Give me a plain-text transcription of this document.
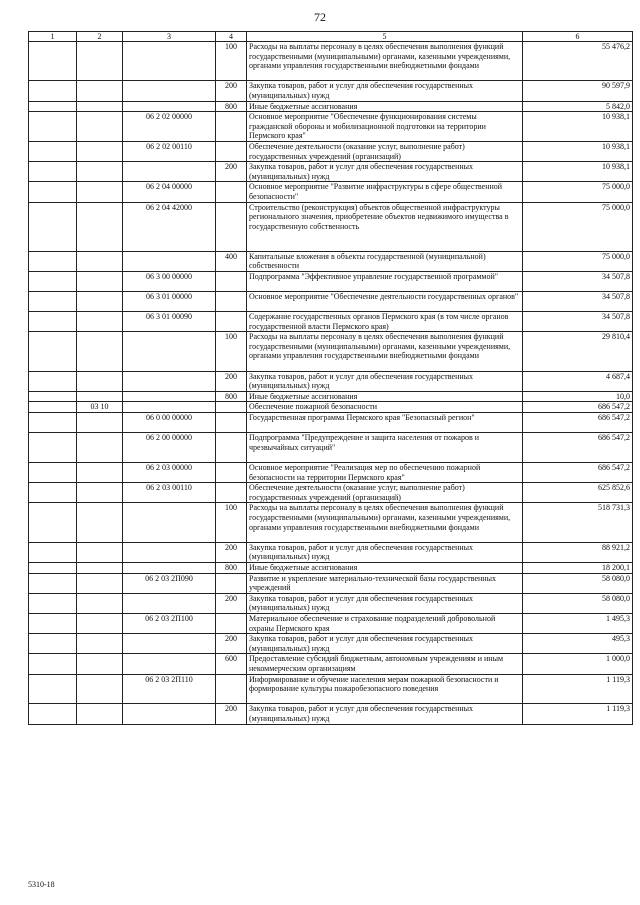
72
1	2	3	4	5	6
			100	Расходы на выплаты персоналу в целях обеспечения выполнения функций государственными (муниципальными) органами, казенными учреждениями, органами управления государственными внебюджетными фондами	55 476,2
			200	Закупка товаров, работ и услуг для обеспечения государственных (муниципальных) нужд	90 597,9
			800	Иные бюджетные ассигнования	5 842,0
		06 2 02 00000		Основное мероприятие "Обеспечение функционирования системы гражданской обороны и мобилизационной подготовки на территории Пермского края"	10 938,1
		06 2 02 00110		Обеспечение деятельности (оказание услуг, выполнение работ) государственных учреждений (организаций)	10 938,1
			200	Закупка товаров, работ и услуг для обеспечения государственных (муниципальных) нужд	10 938,1
		06 2 04 00000		Основное мероприятие "Развитие инфраструктуры в сфере общественной безопасности"	75 000,0
		06 2 04 42000		Строительство (реконструкция) объектов общественной инфраструктуры регионального значения, приобретение объектов недвижимого имущества в государственную собственность	75 000,0
			400	Капитальные вложения в объекты государственной (муниципальной) собственности	75 000,0
		06 3 00 00000		Подпрограмма "Эффективное управление государственной программой"	34 507,8
		06 3 01 00000		Основное мероприятие "Обеспечение деятельности государственных органов"	34 507,8
		06 3 01 00090		Содержание государственных органов Пермского края (в том числе органов государственной власти Пермского края)	34 507,8
			100	Расходы на выплаты персоналу в целях обеспечения выполнения функций государственными (муниципальными) органами, казенными учреждениями, органами управления государственными внебюджетными фондами	29 810,4
			200	Закупка товаров, работ и услуг для обеспечения государственных (муниципальных) нужд	4 687,4
			800	Иные бюджетные ассигнования	10,0
	03 10			Обеспечение пожарной безопасности	686 547,2
		06 0 00 00000		Государственная программа Пермского края "Безопасный регион"	686 547,2
		06 2 00 00000		Подпрограмма "Предупреждение и защита населения от пожаров и чрезвычайных ситуаций"	686 547,2
		06 2 03 00000		Основное мероприятие "Реализация мер по обеспечению пожарной безопасности на территории Пермского края"	686 547,2
		06 2 03 00110		Обеспечение деятельности (оказание услуг, выполнение работ) государственных учреждений (организаций)	625 852,6
			100	Расходы на выплаты персоналу в целях обеспечения выполнения функций государственными (муниципальными) органами, казенными учреждениями, органами управления государственными внебюджетными фондами	518 731,3
			200	Закупка товаров, работ и услуг для обеспечения государственных (муниципальных) нужд	88 921,2
			800	Иные бюджетные ассигнования	18 200,1
		06 2 03 2П090		Развитие и укрепление материально-технической базы государственных учреждений	58 080,0
			200	Закупка товаров, работ и услуг для обеспечения государственных (муниципальных) нужд	58 080,0
		06 2 03 2П100		Материальное обеспечение и страхование подразделений добровольной охраны Пермского края	1 495,3
			200	Закупка товаров, работ и услуг для обеспечения государственных (муниципальных) нужд	495,3
			600	Предоставление субсидий бюджетным, автономным учреждениям и иным некоммерческим организациям	1 000,0
		06 2 03 2П110		Информирование и обучение населения мерам пожарной безопасности и формирование культуры пожаробезопасного поведения	1 119,3
			200	Закупка товаров, работ и услуг для обеспечения государственных (муниципальных) нужд	1 119,3
5310-18
